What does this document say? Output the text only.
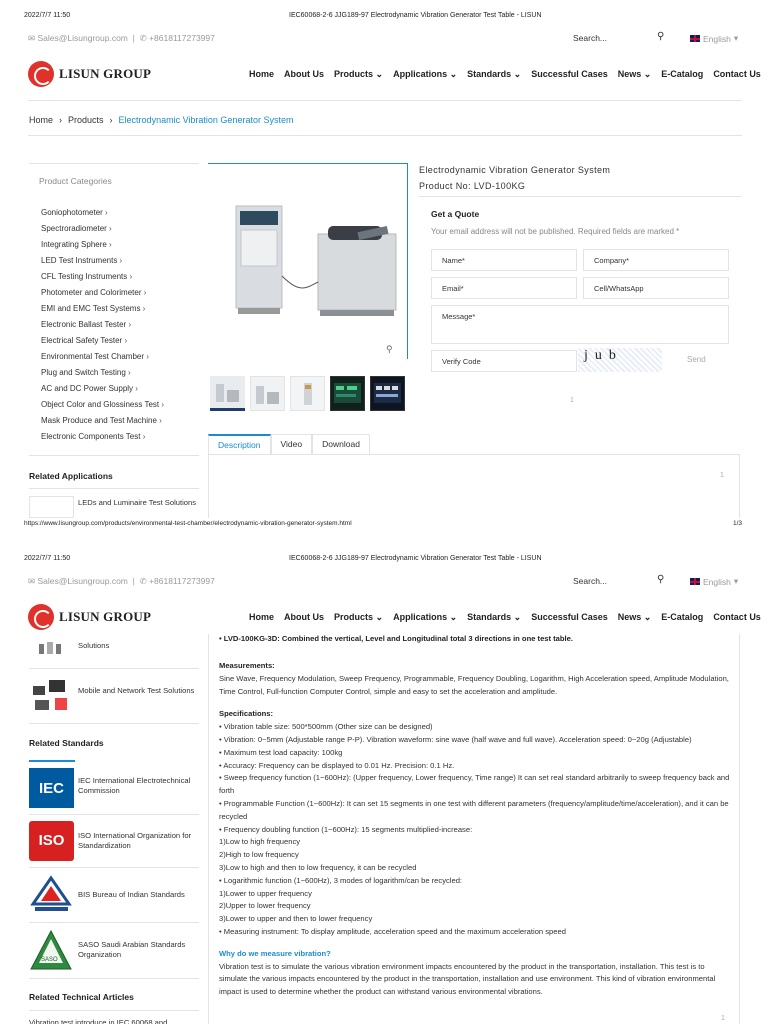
2022/7/7 11:50	IEC60068-2-6 JJG189-97 Electrodynamic Vibration Generator Test Table - LISUN
✉ Sales@Lisungroup.com  |  ✆ +8618117273997	Search...	⚲	English ▾
LISUN GROUP	Home About Us Products ⌄ Applications ⌄ Standards ⌄ Successful Cases News ⌄ E-Catalog Contact Us
Home › Products › Electrodynamic Vibration Generator System
Product Categories
Goniophotometer ›
Spectroradiometer ›
Integrating Sphere ›
LED Test Instruments ›
CFL Testing Instruments ›
Photometer and Colorimeter ›
EMI and EMC Test Systems ›
Electronic Ballast Tester ›
Electrical Safety Tester ›
Environmental Test Chamber ›
Plug and Switch Testing ›
AC and DC Power Supply ›
Object Color and Glossiness Test ›
Mask Produce and Test Machine ›
Electronic Components Test ›
Related Applications
LEDs and Luminaire Test Solutions
⚲
Electrodynamic Vibration Generator System
Product No: LVD-100KG
Get a Quote
Your email address will not be published. Required fields are marked *
Name*	Company*
Email*	Cell/WhatsApp
Message*
Verify Code	j  u  b	Send
1
Description	Video	Download
1
https://www.lisungroup.com/products/environmental-test-chamber/electrodynamic-vibration-generator-system.html	1/3
2022/7/7 11:50	IEC60068-2-6 JJG189-97 Electrodynamic Vibration Generator Test Table - LISUN
✉ Sales@Lisungroup.com  |  ✆ +8618117273997	Search...	⚲	English ▾
LISUN GROUP	Home About Us Products ⌄ Applications ⌄ Standards ⌄ Successful Cases News ⌄ E-Catalog Contact Us
Solutions
Mobile and Network Test Solutions
Related Standards
IEC	IEC International Electrotechnical Commission
ISO	ISO International Organization for Standardization
BIS Bureau of Indian Standards
SASO
SASO Saudi Arabian Standards Organization
Related Technical Articles
Vibration test introduce in IEC 60068 and
• LVD-100KG-3D: Combined the vertical, Level and Longitudinal total 3 directions in one test table.
Measurements:
Sine Wave, Frequency Modulation, Sweep Frequency, Programmable, Frequency Doubling, Logarithm, High Acceleration speed, Amplitude Modulation, Time Control, Full-function Computer Control, simple and easy to set the acceleration and amplitude.
Specifications:
• Vibration table size: 500*500mm (Other size can be designed)
• Vibration: 0~5mm (Adjustable range P-P). Vibration waveform: sine wave (half wave and full wave). Acceleration speed: 0~20g (Adjustable)
• Maximum test load capacity: 100kg
• Accuracy: Frequency can be displayed to 0.01 Hz. Precision: 0.1 Hz.
• Sweep frequency function (1~600Hz): (Upper frequency, Lower frequency, Time range) It can set real standard arbitrarily to sweep frequency back and forth
• Programmable Function (1~600Hz): It can set 15 segments in one test with different parameters (frequency/amplitude/time/acceleration), and it can be recycled
• Frequency doubling function (1~600Hz): 15 segments multiplied-increase:
1)Low to high frequency
2)High to low frequency
3)Low to high and then to low frequency, it can be recycled
• Logarithmic function (1~600Hz), 3 modes of logarithm/can be recycled:
1)Lower to upper frequency
2)Upper to lower frequency
3)Lower to upper and then to lower frequency
• Measuring instrument: To display amplitude, acceleration speed and the maximum acceleration speed
Why do we measure vibration?
Vibration test is to simulate the various vibration environment impacts encountered by the product in the transportation, installation. This test is to simulate the various impacts encountered by the product in the transportation, installation and use environment. This kind of vibration environmental impact is used to determine whether the product can withstand various environmental vibrations.
1
